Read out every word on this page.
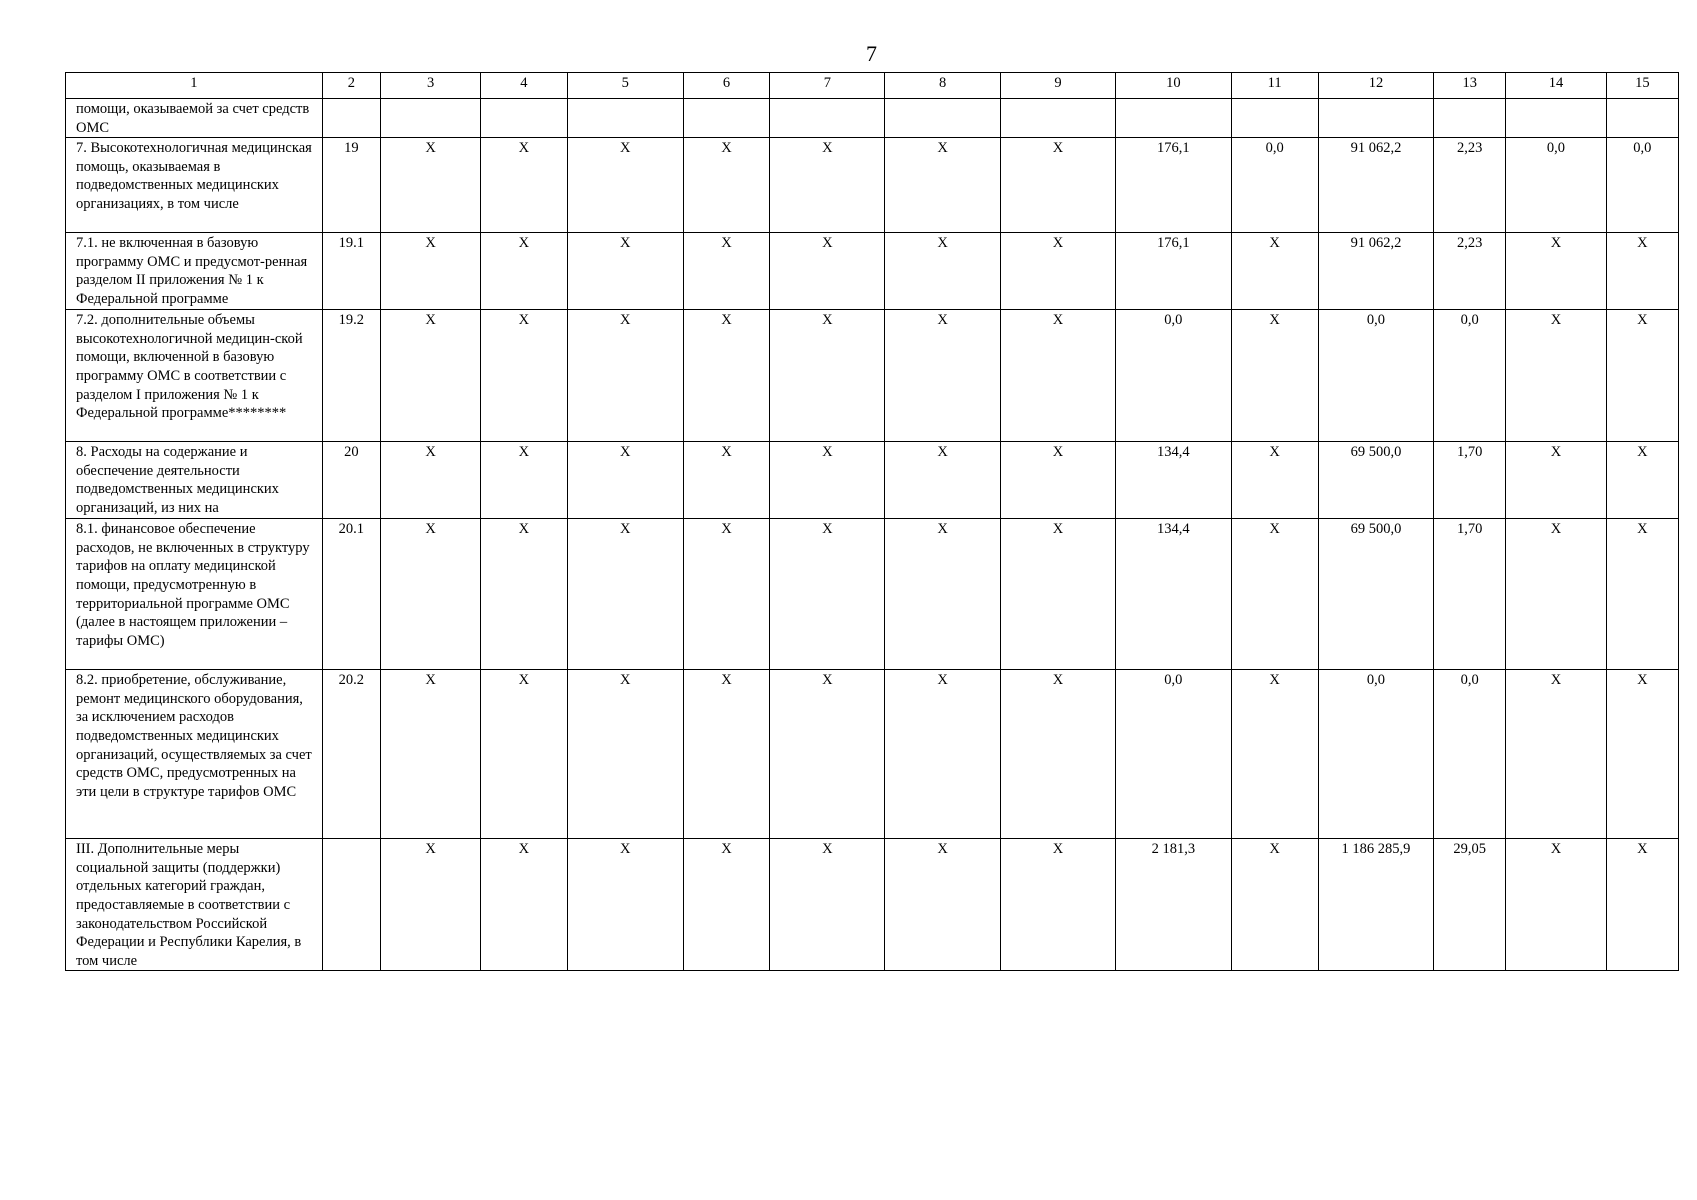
7
1	2	3	4	5	6	7	8	9	10	11	12	13	14	15
помощи, оказываемой за счет средств ОМС														
7. Высокотехнологичная медицинская помощь, оказываемая в подведомственных медицинских организациях, в том числе	19	X	X	X	X	X	X	X	176,1	0,0	91 062,2	2,23	0,0	0,0
7.1. не включенная в базовую программу ОМС и предусмот-ренная разделом II приложения № 1 к Федеральной программе	19.1	X	X	X	X	X	X	X	176,1	X	91 062,2	2,23	X	X
7.2. дополнительные объемы высокотехнологичной медицин-ской помощи, включенной в базовую программу ОМС в соответствии с разделом I приложения № 1 к Федеральной программе********	19.2	X	X	X	X	X	X	X	0,0	X	0,0	0,0	X	X
8. Расходы на содержание и обеспечение деятельности подведомственных медицинских организаций, из них на	20	X	X	X	X	X	X	X	134,4	X	69 500,0	1,70	X	X
8.1. финансовое обеспечение расходов, не включенных в структуру тарифов на оплату медицинской помощи, предусмотренную в территориальной программе ОМС (далее в настоящем приложении – тарифы ОМС)	20.1	X	X	X	X	X	X	X	134,4	X	69 500,0	1,70	X	X
8.2. приобретение, обслуживание, ремонт медицинского оборудования, за исключением расходов подведомственных медицинских организаций, осуществляемых за счет средств ОМС, предусмотренных на эти цели в структуре тарифов ОМС	20.2	X	X	X	X	X	X	X	0,0	X	0,0	0,0	X	X
III. Дополнительные меры социальной защиты (поддержки) отдельных категорий граждан, предоставляемые в соответствии с законодательством Российской Федерации и Республики Карелия, в том числе		X	X	X	X	X	X	X	2 181,3	X	1 186 285,9	29,05	X	X
